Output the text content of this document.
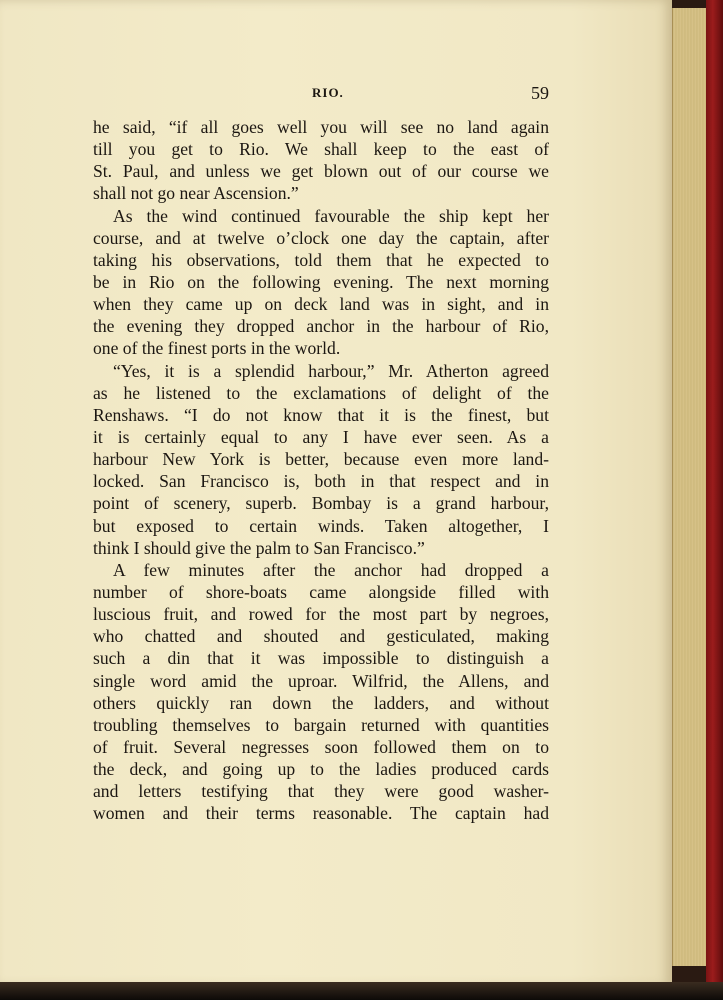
RIO.	59
he said, “if all goes well you will see no land again
till you get to Rio. We shall keep to the east of
St. Paul, and unless we get blown out of our course we
shall not go near Ascension.”
As the wind continued favourable the ship kept her
course, and at twelve o’clock one day the captain, after
taking his observations, told them that he expected to
be in Rio on the following evening. The next morning
when they came up on deck land was in sight, and in
the evening they dropped anchor in the harbour of Rio,
one of the finest ports in the world.
“Yes, it is a splendid harbour,” Mr. Atherton agreed
as he listened to the exclamations of delight of the
Renshaws. “I do not know that it is the finest, but
it is certainly equal to any I have ever seen. As a
harbour New York is better, because even more land-
locked. San Francisco is, both in that respect and in
point of scenery, superb. Bombay is a grand harbour,
but exposed to certain winds. Taken altogether, I
think I should give the palm to San Francisco.”
A few minutes after the anchor had dropped a
number of shore-boats came alongside filled with
luscious fruit, and rowed for the most part by negroes,
who chatted and shouted and gesticulated, making
such a din that it was impossible to distinguish a
single word amid the uproar. Wilfrid, the Allens, and
others quickly ran down the ladders, and without
troubling themselves to bargain returned with quantities
of fruit. Several negresses soon followed them on to
the deck, and going up to the ladies produced cards
and letters testifying that they were good washer-
women and their terms reasonable. The captain had
